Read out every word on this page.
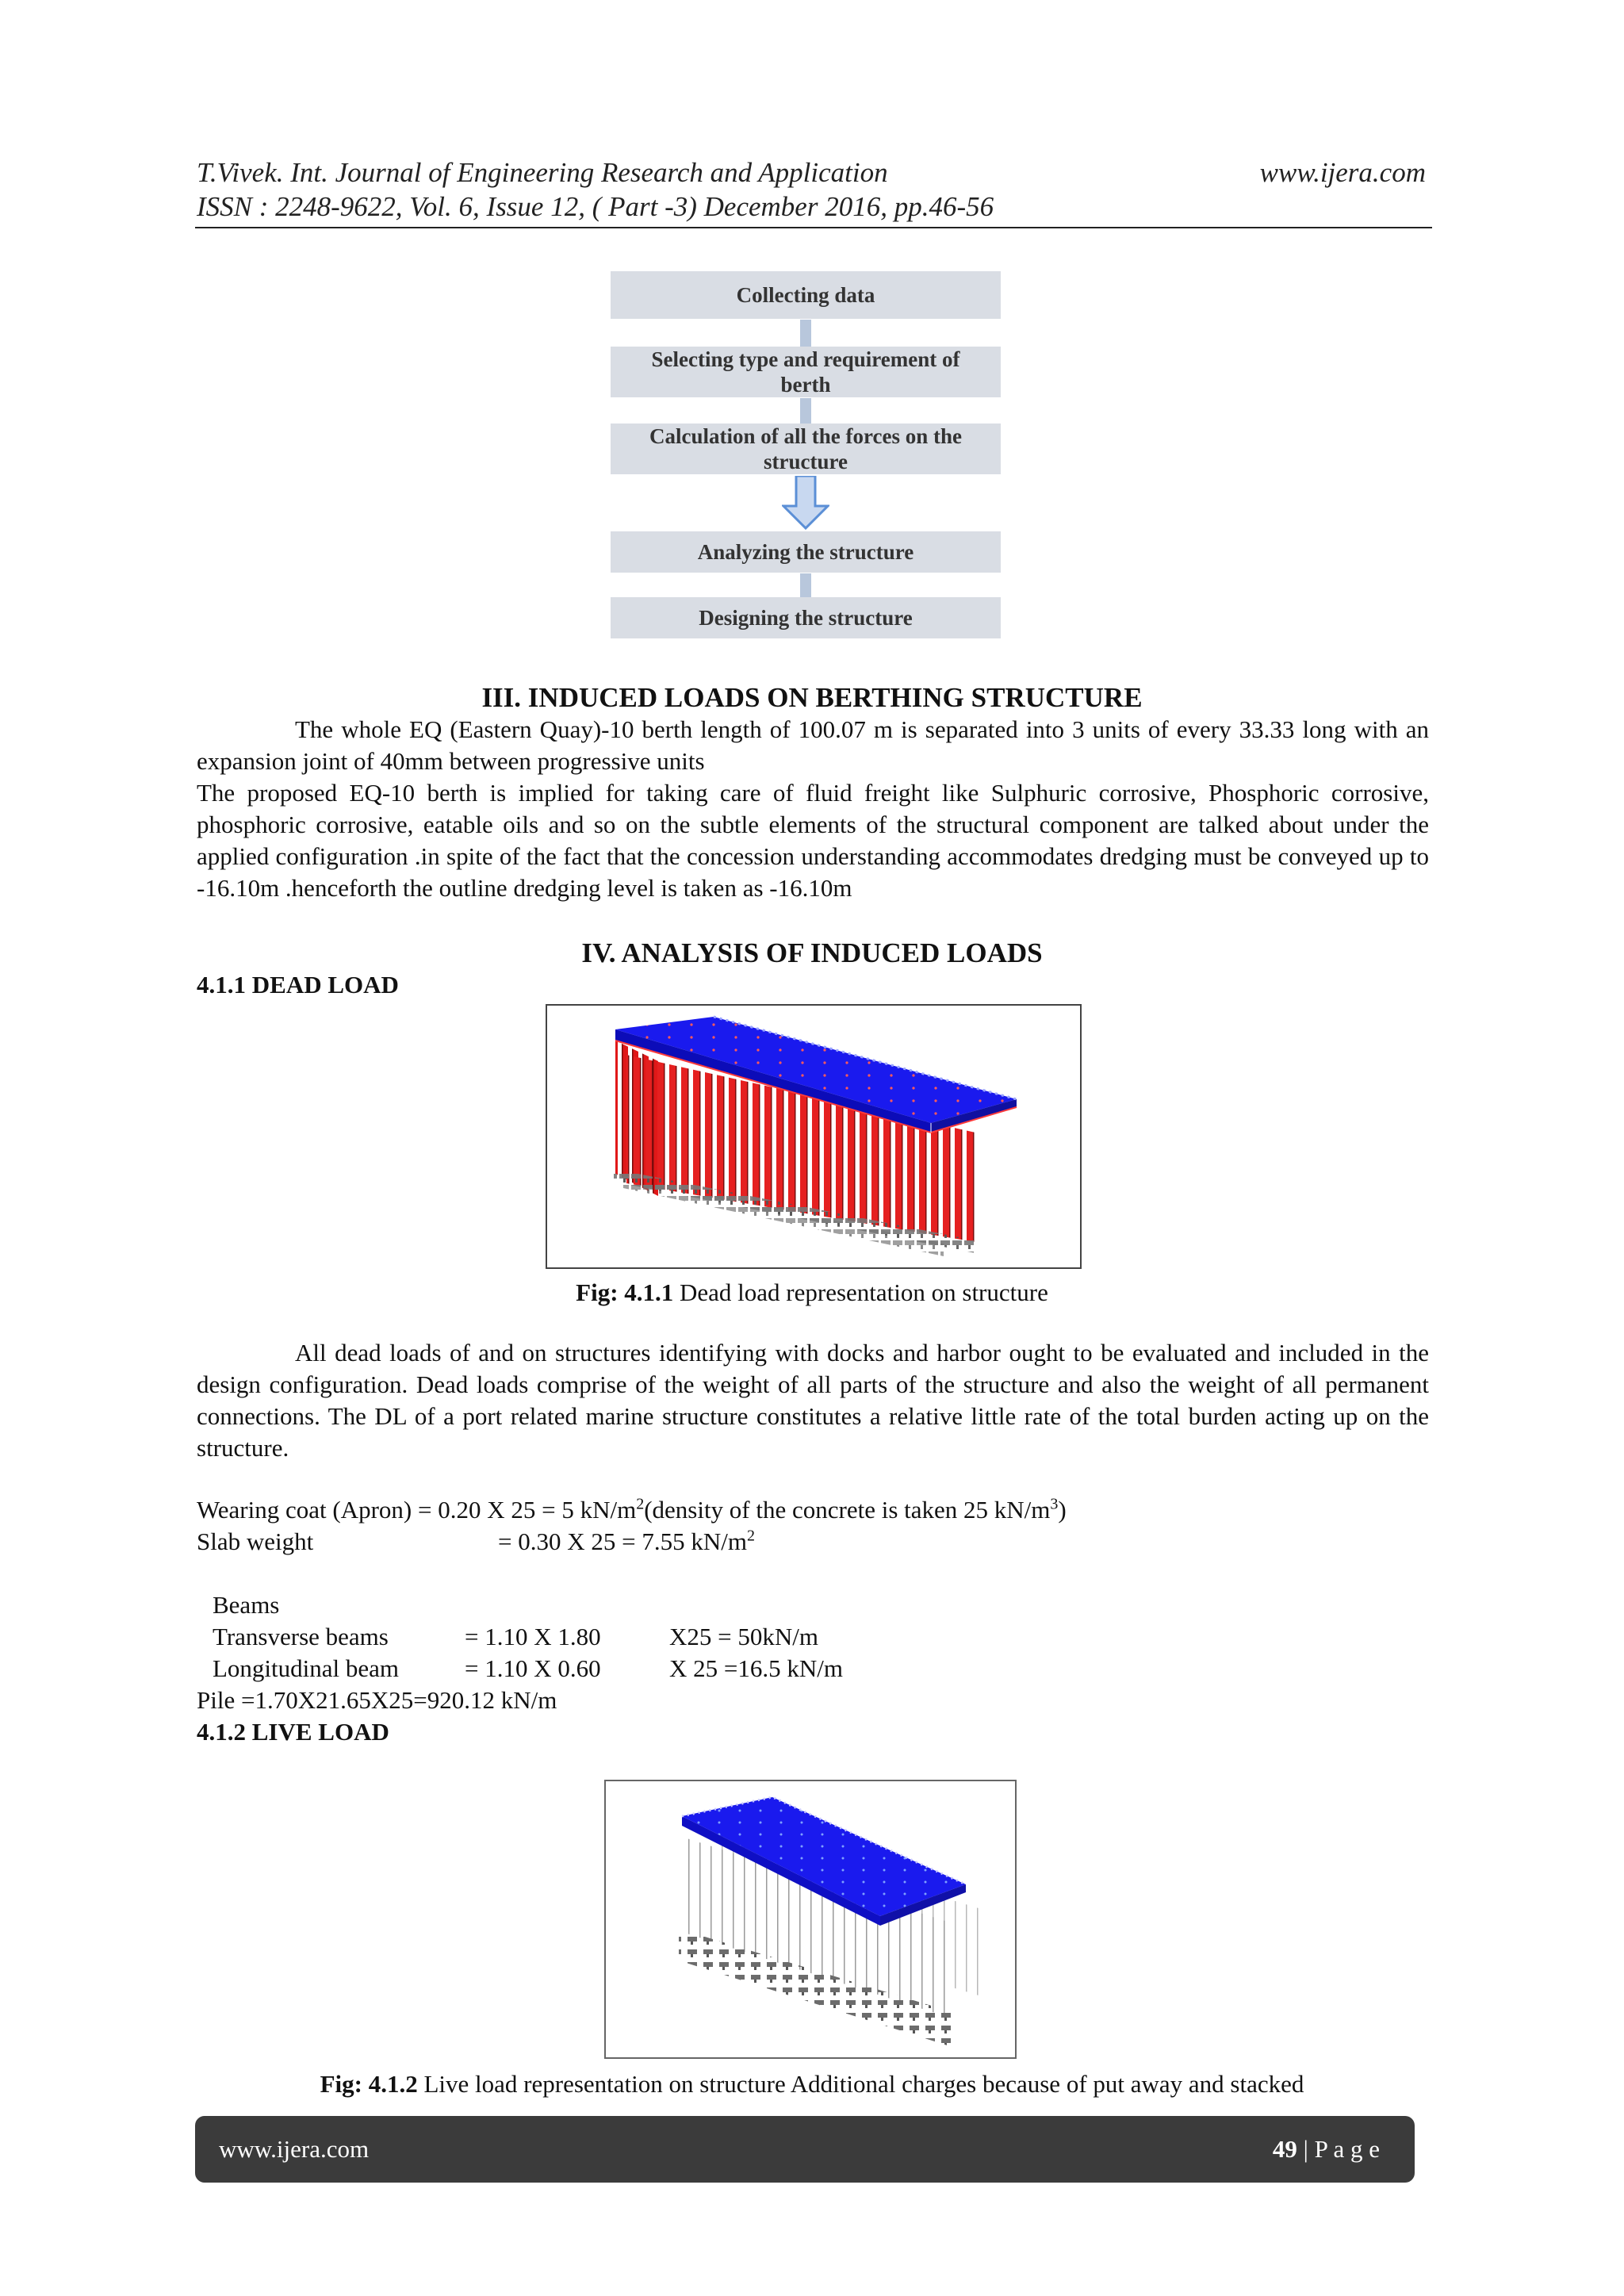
T.Vivek. Int. Journal of Engineering Research and Application	www.ijera.com
ISSN : 2248-9622, Vol. 6, Issue 12, ( Part -3) December 2016, pp.46-56
Collecting data
Selecting type and requirement of berth
Calculation of all the forces on the structure
Analyzing the structure
Designing the structure
III. INDUCED LOADS ON BERTHING STRUCTURE
The whole EQ (Eastern Quay)-10 berth length of 100.07 m is separated into 3 units of every 33.33 long with an expansion joint of 40mm between progressive units
The proposed EQ-10 berth is implied for taking care of fluid freight like Sulphuric corrosive, Phosphoric corrosive, phosphoric corrosive, eatable oils and so on the subtle elements of the structural component are talked about under the applied configuration .in spite of the fact that the concession understanding accommodates dredging must be conveyed up to -16.10m .henceforth the outline dredging level is taken as -16.10m
IV. ANALYSIS OF INDUCED LOADS
4.1.1 DEAD LOAD
Fig: 4.1.1 Dead load representation on structure
All dead loads of and on structures identifying with docks and harbor ought to be evaluated and included in the design configuration. Dead loads comprise of the weight of all parts of the structure and also the weight of all permanent connections. The DL of a port related marine structure constitutes a relative little rate of the total burden acting up on the structure.
Wearing coat (Apron) = 0.20 X 25 = 5 $kN/m^2(density$ of the concrete is taken 25 $kN/m^3$)
Slab weight	= 0.30 X 25 = 7.55 $kN/m^2$
Beams
Transverse beams	= 1.10 X 1.80	X25 = 50kN/m
Longitudinal beam	= 1.10 X 0.60	X 25 =16.5 kN/m
Pile =1.70X21.65X25=920.12 kN/m
4.1.2 LIVE LOAD
Fig: 4.1.2 Live load representation on structure Additional charges because of put away and stacked
www.ijera.com	49 | P a g e
